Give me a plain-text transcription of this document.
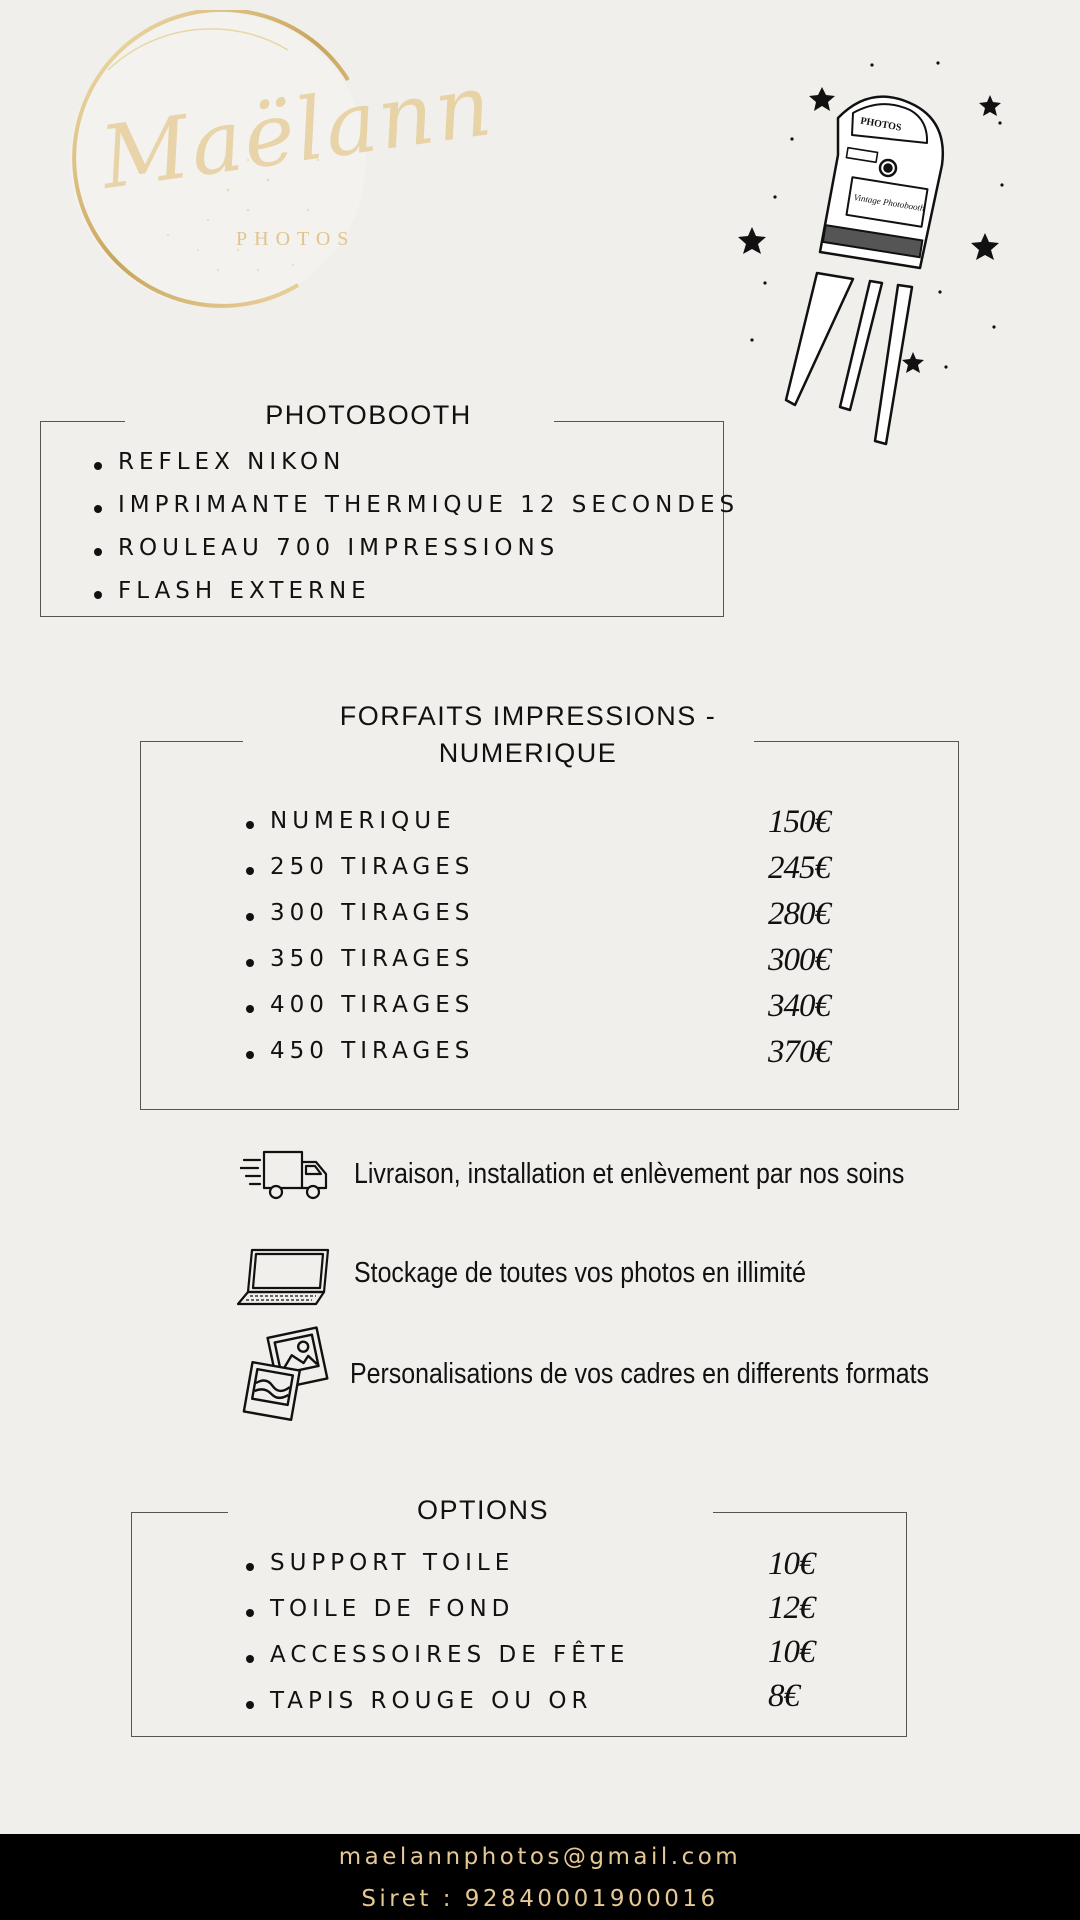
Maëlann
PHOTOS
PHOTOS
Vintage Photobooth
PHOTOBOOTH
REFLEX NIKON
IMPRIMANTE THERMIQUE 12 SECONDES
ROULEAU 700 IMPRESSIONS
FLASH EXTERNE
FORFAITS IMPRESSIONS -
NUMERIQUE
NUMERIQUE	150€
250 TIRAGES	245€
300 TIRAGES	280€
350 TIRAGES	300€
400 TIRAGES	340€
450 TIRAGES	370€
Livraison, installation et enlèvement par nos soins
Stockage de toutes vos photos en illimité
Personalisations de vos cadres en differents formats
OPTIONS
SUPPORT TOILE	10€
TOILE DE FOND	12€
ACCESSOIRES DE FÊTE	10€
TAPIS ROUGE OU OR	8€
maelannphotos@gmail.com
Siret : 92840001900016
